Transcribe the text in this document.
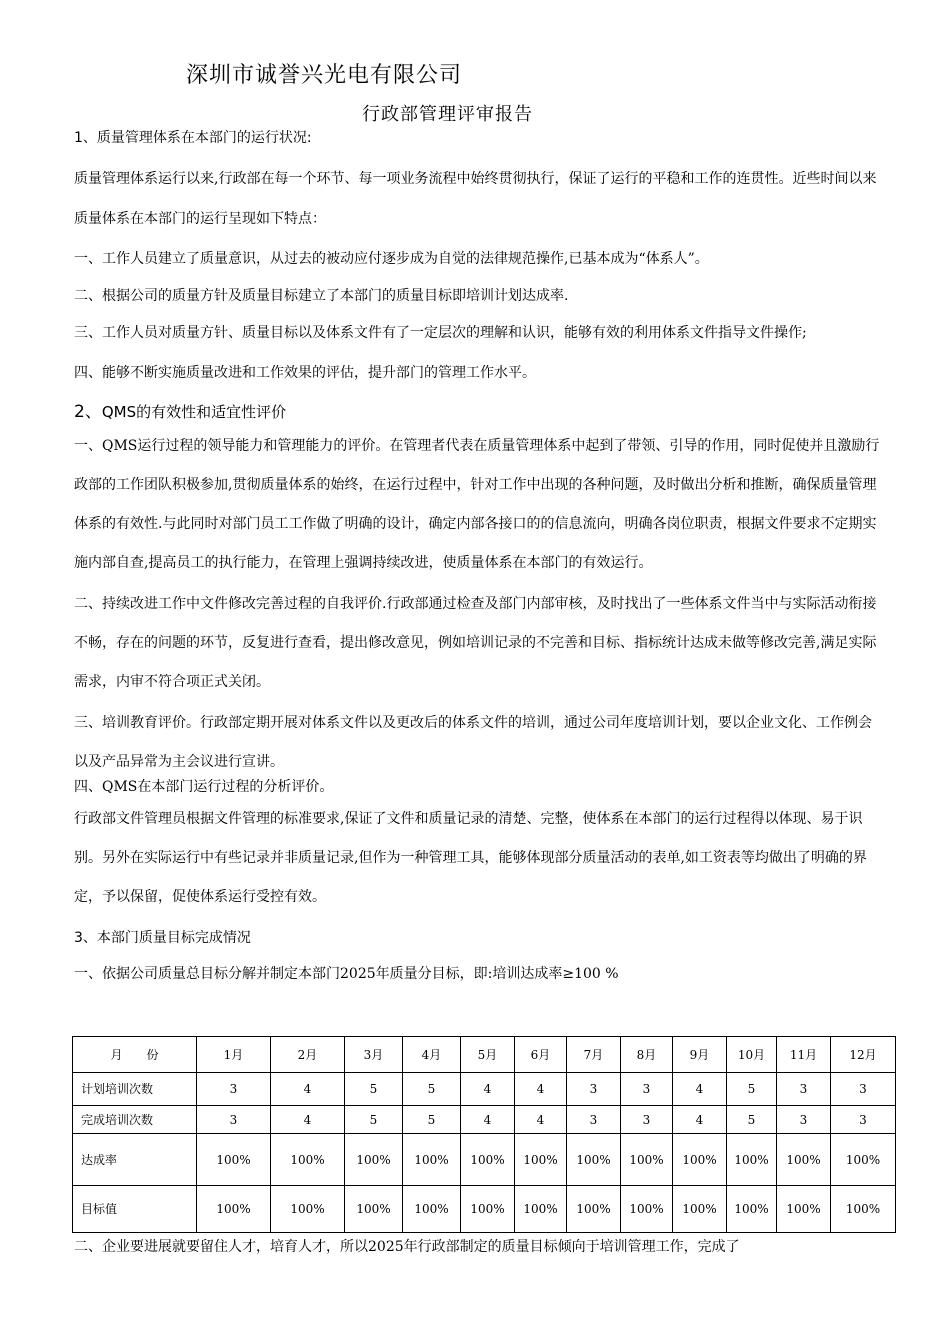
深圳市诚誉兴光电有限公司
行政部管理评审报告

1、质量管理体系在本部门的运行状况:

质量管理体系运行以来,行政部在每一个环节、每一项业务流程中始终贯彻执行，保证了运行的平稳和工作的连贯性。近些时间以来质量体系在本部门的运行呈现如下特点：

一、工作人员建立了质量意识，从过去的被动应付逐步成为自觉的法律规范操作,已基本成为“体系人”。

二、根据公司的质量方针及质量目标建立了本部门的质量目标即培训计划达成率.

三、工作人员对质量方针、质量目标以及体系文件有了一定层次的理解和认识，能够有效的利用体系文件指导文件操作;

四、能够不断实施质量改进和工作效果的评估，提升部门的管理工作水平。

2、QMS的有效性和适宜性评价

一、QMS运行过程的领导能力和管理能力的评价。在管理者代表在质量管理体系中起到了带领、引导的作用，同时促使并且激励行政部的工作团队积极参加,贯彻质量体系的始终，在运行过程中，针对工作中出现的各种问题，及时做出分析和推断，确保质量管理体系的有效性.与此同时对部门员工工作做了明确的设计，确定内部各接口的的信息流向，明确各岗位职责，根据文件要求不定期实施内部自查,提高员工的执行能力，在管理上强调持续改进，使质量体系在本部门的有效运行。

二、持续改进工作中文件修改完善过程的自我评价.行政部通过检查及部门内部审核，及时找出了一些体系文件当中与实际活动衔接不畅，存在的问题的环节，反复进行查看，提出修改意见，例如培训记录的不完善和目标、指标统计达成未做等修改完善,满足实际需求，内审不符合项正式关闭。

三、培训教育评价。行政部定期开展对体系文件以及更改后的体系文件的培训，通过公司年度培训计划，要以企业文化、工作例会以及产品异常为主会议进行宣讲。

四、QMS在本部门运行过程的分析评价。

行政部文件管理员根据文件管理的标准要求,保证了文件和质量记录的清楚、完整，使体系在本部门的运行过程得以体现、易于识别。另外在实际运行中有些记录并非质量记录,但作为一种管理工具，能够体现部分质量活动的表单,如工资表等均做出了明确的界定，予以保留，促使体系运行受控有效。

3、本部门质量目标完成情况

一、依据公司质量总目标分解并制定本部门2025年质量分目标，即:培训达成率≥100 %

月　　份	1月	2月	3月	4月	5月	6月	7月	8月	9月	10月	11月	12月
计划培训次数	3	4	5	5	4	4	3	3	4	5	3	3
完成培训次数	3	4	5	5	4	4	3	3	4	5	3	3
达成率	100%	100%	100%	100%	100%	100%	100%	100%	100%	100%	100%	100%
目标值	100%	100%	100%	100%	100%	100%	100%	100%	100%	100%	100%	100%
二、企业要进展就要留住人才，培育人才，所以2025年行政部制定的质量目标倾向于培训管理工作，完成了
